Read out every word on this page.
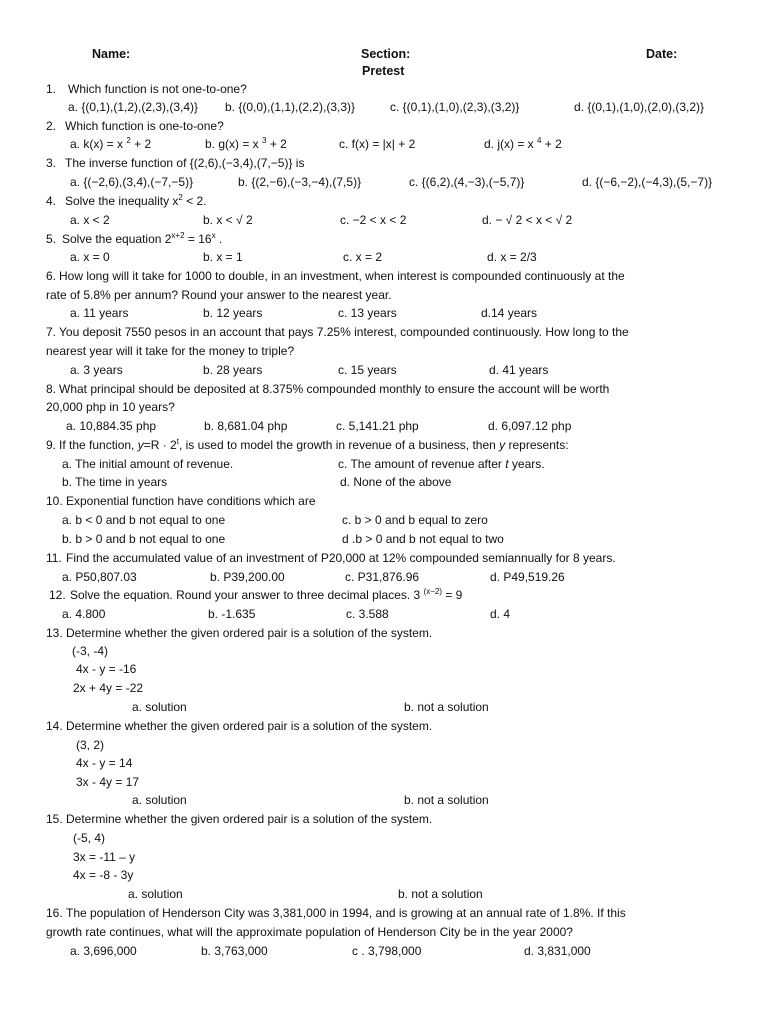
Name:	Section:	Date:
Pretest
1. Which function is not one-to-one?
a. {(0,1),(1,2),(2,3),(3,4)} b. {(0,0),(1,1),(2,2),(3,3)}	c. {(0,1),(1,0),(2,3),(3,2)}	d. {(0,1),(1,0),(2,0),(3,2)}
2. Which function is one-to-one?
a. k(x) = x $^2$ + 2	b. g(x) = x $^3$ + 2	c. f(x) = |x| + 2	d. j(x) = x $^4$ + 2
3. The inverse function of {(2,6),(−3,4),(7,−5)} is
a. {(−2,6),(3,4),(−7,−5)}	b. {(2,−6),(−3,−4),(7,5)}	c. {(6,2),(4,−3),(−5,7)}	d. {(−6,−2),(−4,3),(5,−7)}
4. Solve the inequality $x^2 < 2$.
a. x < 2	b. x < √ 2	c. −2 < x < 2	d. − √ 2 < x < √ 2
5. Solve the equation $2^{x+2} = 16^x$ .
a. x = 0	b. x = 1	c. x = 2	d. x = 2/3
6. How long will it take for 1000 to double, in an investment, when interest is compounded continuously at the
rate of 5.8% per annum? Round your answer to the nearest year.
a. 11 years	b. 12 years	c. 13 years	d.14 years
7. You deposit 7550 pesos in an account that pays 7.25% interest, compounded continuously. How long to the
nearest year will it take for the money to triple?
a. 3 years	b. 28 years	c. 15 years	d. 41 years
8. What principal should be deposited at 8.375% compounded monthly to ensure the account will be worth
20,000 php in 10 years?
a. 10,884.35 php	b. 8,681.04 php	c. 5,141.21 php	d. 6,097.12 php
9. If the function, $y=R \cdot 2^t$, is used to model the growth in revenue of a business, then y represents:
a. The initial amount of revenue.	c. The amount of revenue after t years.
b. The time in years	d. None of the above
10. Exponential function have conditions which are
a. b < 0 and b not equal to one	c. b > 0 and b equal to zero
b. b > 0 and b not equal to one	d .b > 0 and b not equal to two
11. Find the accumulated value of an investment of P20,000 at 12% compounded semiannually for 8 years.
a. P50,807.03	b. P39,200.00	c. P31,876.96	d. P49,519.26
12. Solve the equation. Round your answer to three decimal places. 3 $^{(x-2)}$ = 9
a. 4.800	b. -1.635	c. 3.588	d. 4
13. Determine whether the given ordered pair is a solution of the system.
(-3, -4)
4x - y = -16
2x + 4y = -22
a. solution	b. not a solution
14. Determine whether the given ordered pair is a solution of the system.
(3, 2)
4x - y = 14
3x - 4y = 17
a. solution	b. not a solution
15. Determine whether the given ordered pair is a solution of the system.
(-5, 4)
3x = -11 – y
4x = -8 - 3y
a. solution	b. not a solution
16. The population of Henderson City was 3,381,000 in 1994, and is growing at an annual rate of 1.8%. If this
growth rate continues, what will the approximate population of Henderson City be in the year 2000?
a. 3,696,000	b. 3,763,000	c . 3,798,000	d. 3,831,000
